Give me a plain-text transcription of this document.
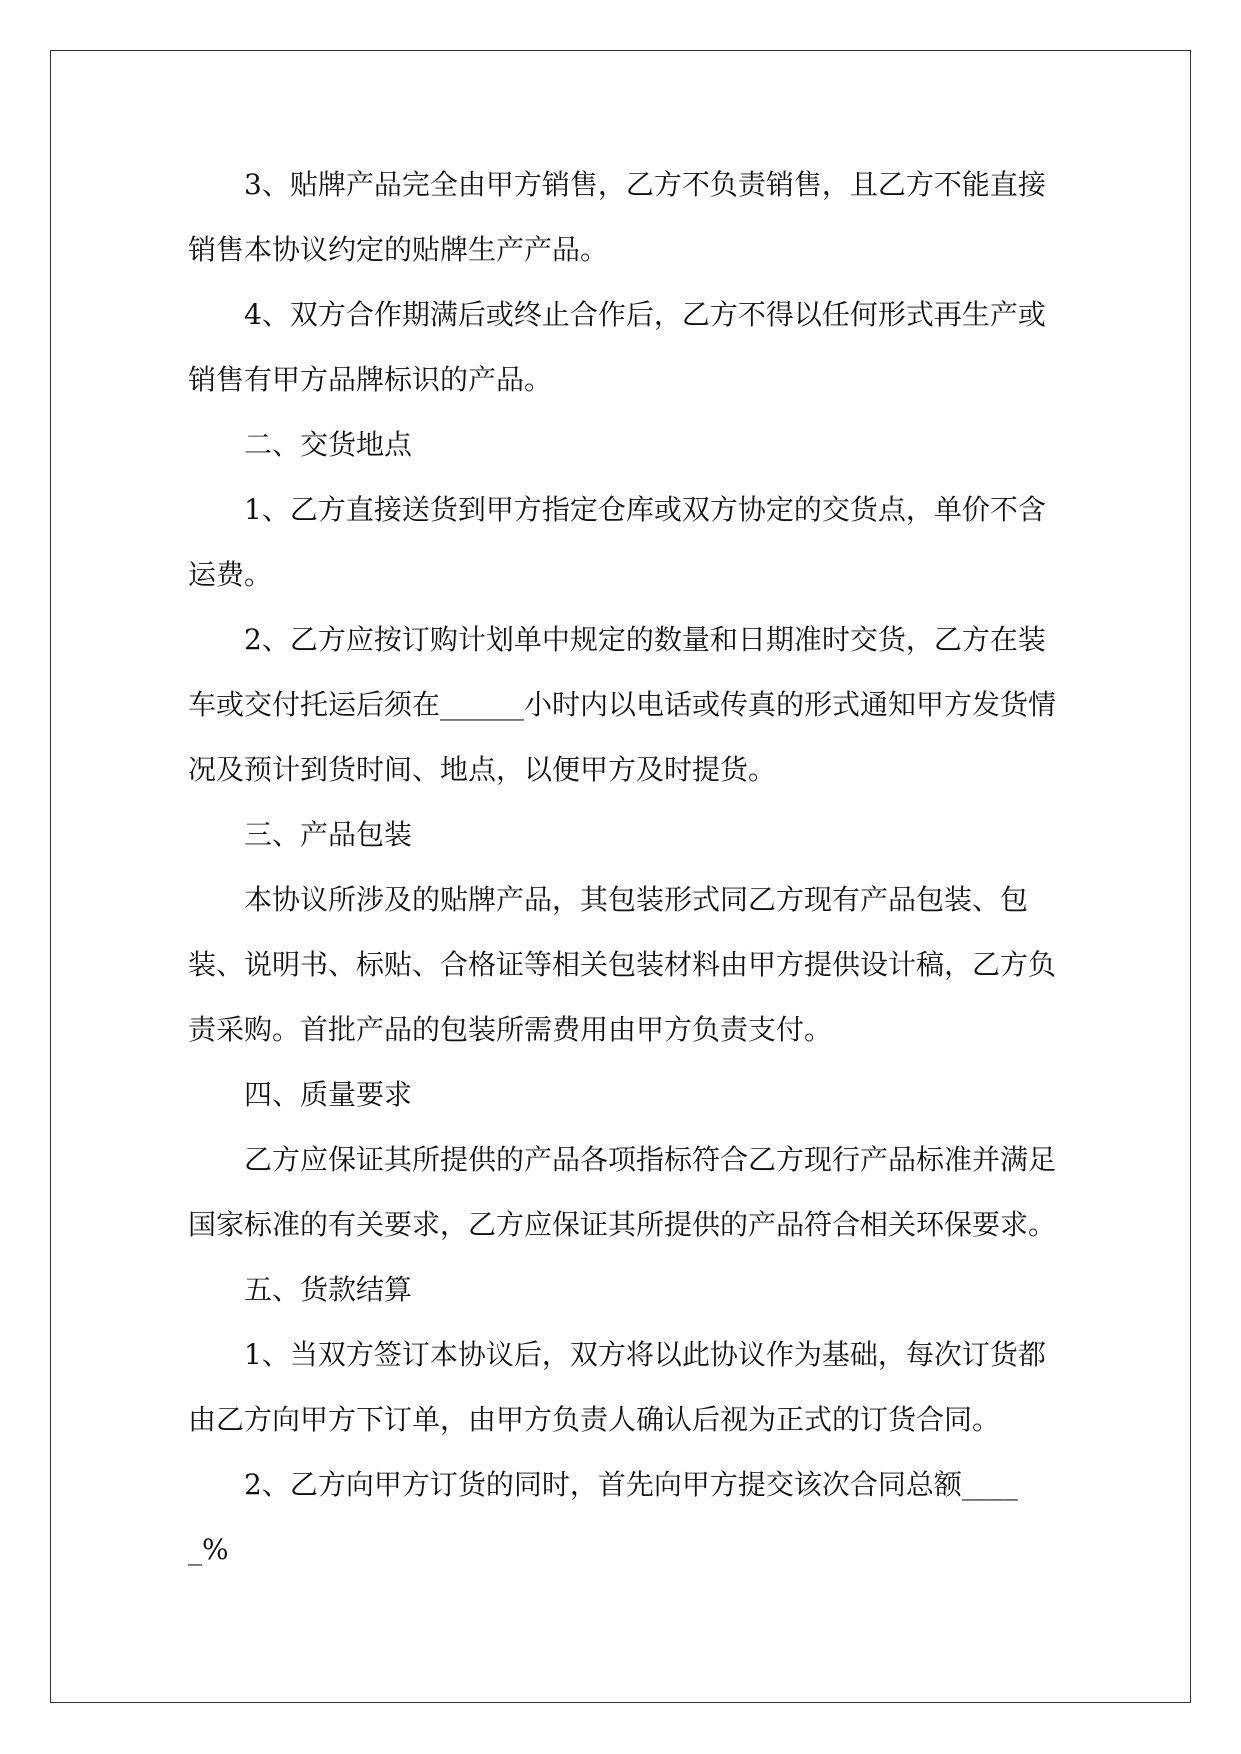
3、贴牌产品完全由甲方销售，乙方不负责销售，且乙方不能直接销售本协议约定的贴牌生产产品。

4、双方合作期满后或终止合作后，乙方不得以任何形式再生产或销售有甲方品牌标识的产品。

二、交货地点

1、乙方直接送货到甲方指定仓库或双方协定的交货点，单价不含运费。

2、乙方应按订购计划单中规定的数量和日期准时交货，乙方在装车或交付托运后须在______小时内以电话或传真的形式通知甲方发货情况及预计到货时间、地点，以便甲方及时提货。

三、产品包装

本协议所涉及的贴牌产品，其包装形式同乙方现有产品包装、包装、说明书、标贴、合格证等相关包装材料由甲方提供设计稿，乙方负责采购。首批产品的包装所需费用由甲方负责支付。

四、质量要求

乙方应保证其所提供的产品各项指标符合乙方现行产品标准并满足国家标准的有关要求，乙方应保证其所提供的产品符合相关环保要求。

五、货款结算

1、当双方签订本协议后，双方将以此协议作为基础，每次订货都由乙方向甲方下订单，由甲方负责人确认后视为正式的订货合同。

2、乙方向甲方订货的同时，首先向甲方提交该次合同总额_____%
